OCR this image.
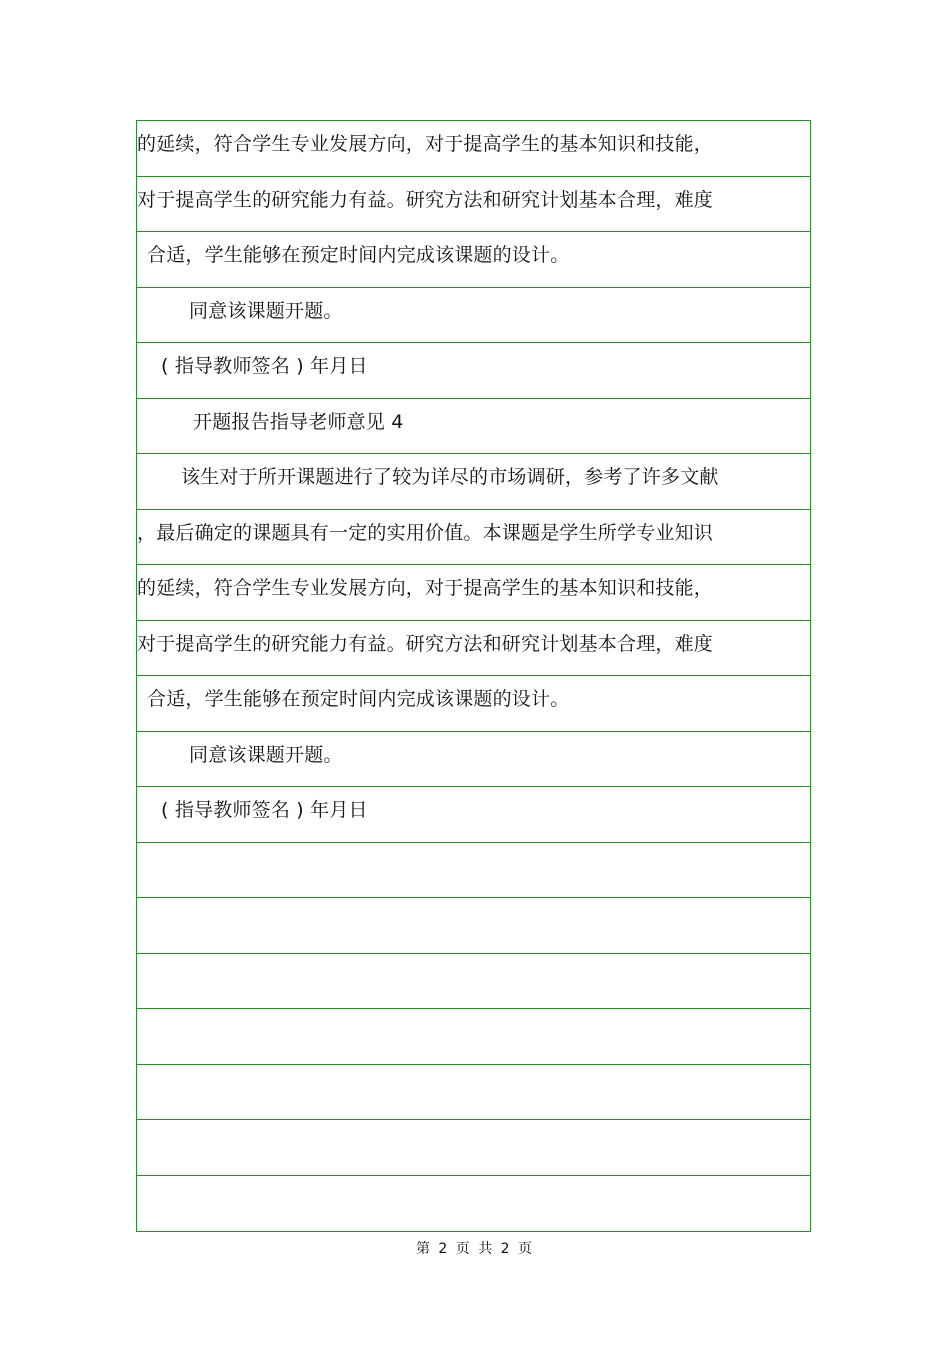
的延续，符合学生专业发展方向，对于提高学生的基本知识和技能，
对于提高学生的研究能力有益。研究方法和研究计划基本合理，难度
合适，学生能够在预定时间内完成该课题的设计。
同意该课题开题。
( 指导教师签名 ) 年月日
开题报告指导老师意见 4
该生对于所开课题进行了较为详尽的市场调研，参考了许多文献
，最后确定的课题具有一定的实用价值。本课题是学生所学专业知识
的延续，符合学生专业发展方向，对于提高学生的基本知识和技能，
对于提高学生的研究能力有益。研究方法和研究计划基本合理，难度
合适，学生能够在预定时间内完成该课题的设计。
同意该课题开题。
( 指导教师签名 ) 年月日
第 2 页 共 2 页
